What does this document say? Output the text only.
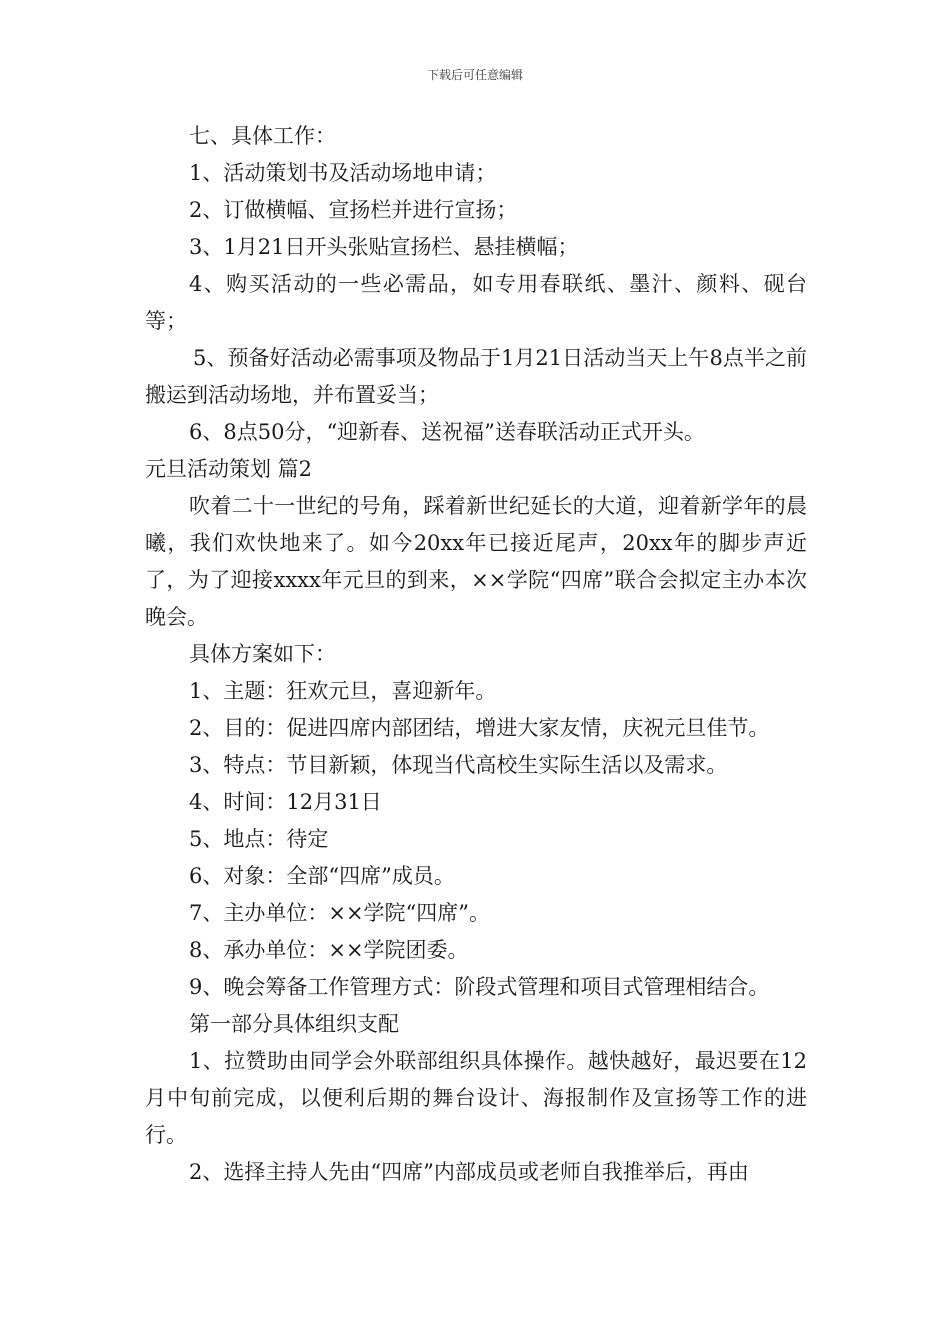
下载后可任意编辑

七、具体工作：

1、活动策划书及活动场地申请；

2、订做横幅、宣扬栏并进行宣扬；

3、1月21日开头张贴宣扬栏、悬挂横幅；

4、购买活动的一些必需品，如专用春联纸、墨汁、颜料、砚台等；

5、预备好活动必需事项及物品于1月21日活动当天上午8点半之前搬运到活动场地，并布置妥当；

6、8点50分，“迎新春、送祝福”送春联活动正式开头。

元旦活动策划 篇2

吹着二十一世纪的号角，踩着新世纪延长的大道，迎着新学年的晨曦，我们欢快地来了。如今20xx年已接近尾声，20xx年的脚步声近了，为了迎接xxxx年元旦的到来，××学院“四席”联合会拟定主办本次晚会。

具体方案如下：

1、主题：狂欢元旦，喜迎新年。

2、目的：促进四席内部团结，增进大家友情，庆祝元旦佳节。

3、特点：节目新颖，体现当代高校生实际生活以及需求。

4、时间：12月31日

5、地点：待定

6、对象：全部“四席”成员。

7、主办单位：××学院“四席”。

8、承办单位：××学院团委。

9、晚会筹备工作管理方式：阶段式管理和项目式管理相结合。

第一部分具体组织支配

1、拉赞助由同学会外联部组织具体操作。越快越好，最迟要在12月中旬前完成，以便利后期的舞台设计、海报制作及宣扬等工作的进行。

2、选择主持人先由“四席”内部成员或老师自我推举后，再由
